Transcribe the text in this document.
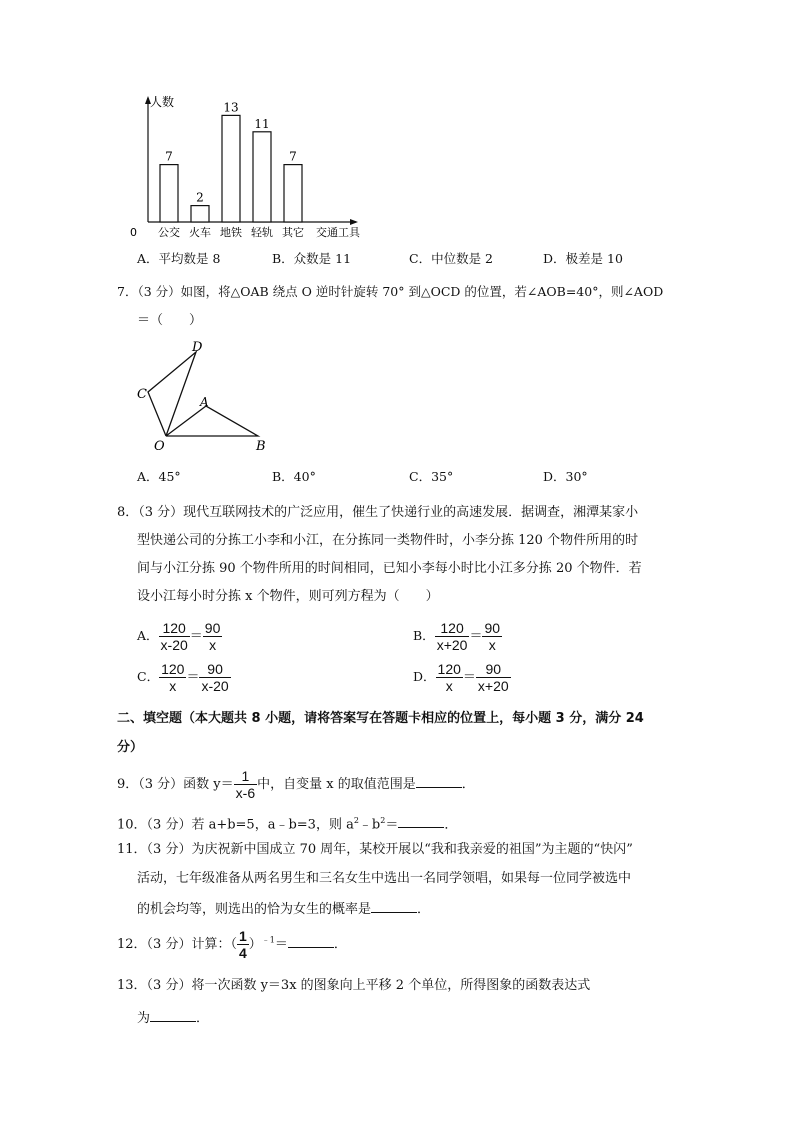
人数
0	交通工具
7
公交
2
火车
13
地铁
11
轻轨
7
其它
A．平均数是 8	B．众数是 11	C．中位数是 2	D．极差是 10
7．（3 分）如图，将△OAB 绕点 O 逆时针旋转 70° 到△OCD 的位置，若∠AOB=40°，则∠AOD
＝（　　）
D
C	A
O	B
A．45°	B．40°	C．35°	D．30°
8．（3 分）现代互联网技术的广泛应用，催生了快递行业的高速发展．据调查，湘潭某家小
型快递公司的分拣工小李和小江，在分拣同一类物件时，小李分拣 120 个物件所用的时
间与小江分拣 90 个物件所用的时间相同，已知小李每小时比小江多分拣 20 个物件．若
设小江每小时分拣 x 个物件，则可列方程为（　　）
A． $\frac{120}{x-20} = \frac{90}{x}$	B． $\frac{120}{x+20} = \frac{90}{x}$
C． $\frac{120}{x} = \frac{90}{x-20}$	D． $\frac{120}{x} = \frac{90}{x+20}$
二、填空题（本大题共 8 小题，请将答案写在答题卡相应的位置上，每小题 3 分，满分 24
分）
9．（3 分）函数 $y= \frac{1}{x-6}$ 中，自变量 x 的取值范围是	．
10．（3 分）若 a+b=5，a﹣b=3，则 $a^2﹣b^2=$	．
11．（3 分）为庆祝新中国成立 70 周年，某校开展以“我和我亲爱的祖国”为主题的“快闪”
活动，七年级准备从两名男生和三名女生中选出一名同学领唱，如果每一位同学被选中
的机会均等，则选出的恰为女生的概率是	．
12．（3 分）计算：（ $\frac{1}{4} )^{﹣1}=$	．
13．（3 分）将一次函数 y＝3x 的图象向上平移 2 个单位，所得图象的函数表达式
为	．
